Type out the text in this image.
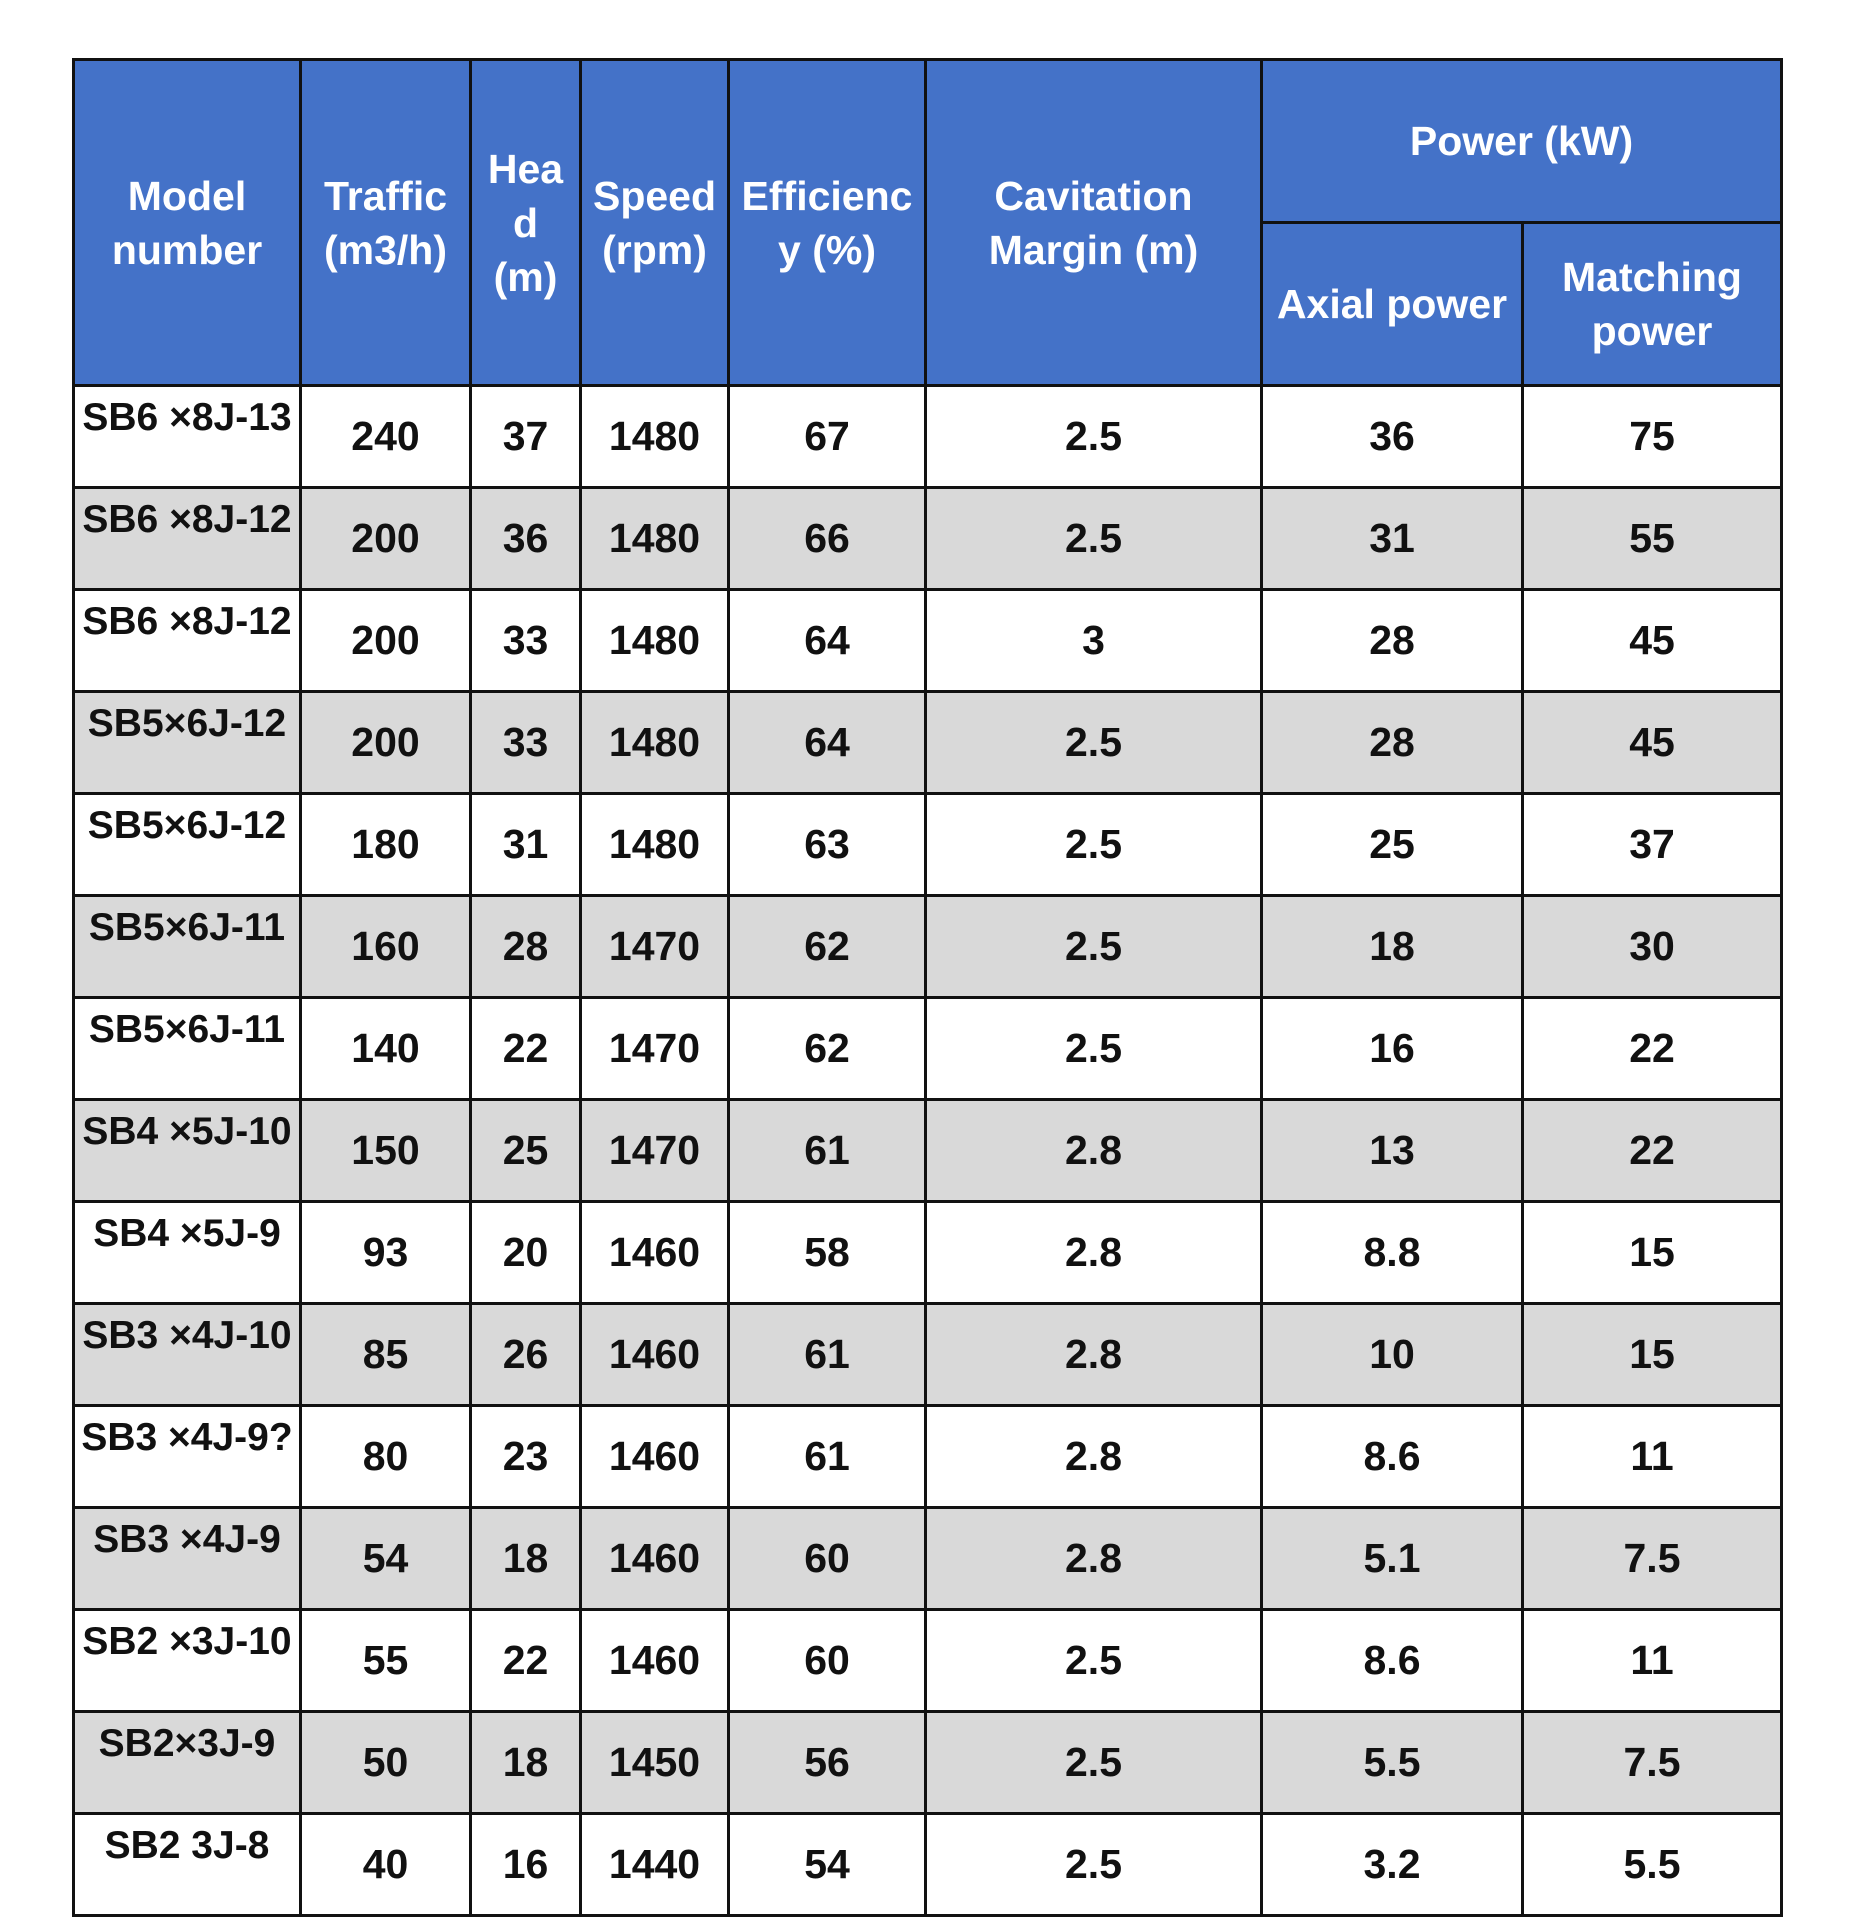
Model number	Traffic (m3/h)	Hea d (m)	Speed (rpm)	Efficienc y (%)	Cavitation Margin (m)	Power (kW)	

						Axial power	Matching power

SB6 ×8J-13	240	37	1480	67	2.5	36	75
SB6 ×8J-12	200	36	1480	66	2.5	31	55
SB6 ×8J-12	200	33	1480	64	3	28	45
SB5×6J-12	200	33	1480	64	2.5	28	45
SB5×6J-12	180	31	1480	63	2.5	25	37
SB5×6J-11	160	28	1470	62	2.5	18	30
SB5×6J-11	140	22	1470	62	2.5	16	22
SB4 ×5J-10	150	25	1470	61	2.8	13	22
SB4 ×5J-9	93	20	1460	58	2.8	8.8	15
SB3 ×4J-10	85	26	1460	61	2.8	10	15
SB3 ×4J-9?	80	23	1460	61	2.8	8.6	11
SB3 ×4J-9	54	18	1460	60	2.8	5.1	7.5
SB2 ×3J-10	55	22	1460	60	2.5	8.6	11
SB2×3J-9	50	18	1450	56	2.5	5.5	7.5
SB2 3J-8	40	16	1440	54	2.5	3.2	5.5
